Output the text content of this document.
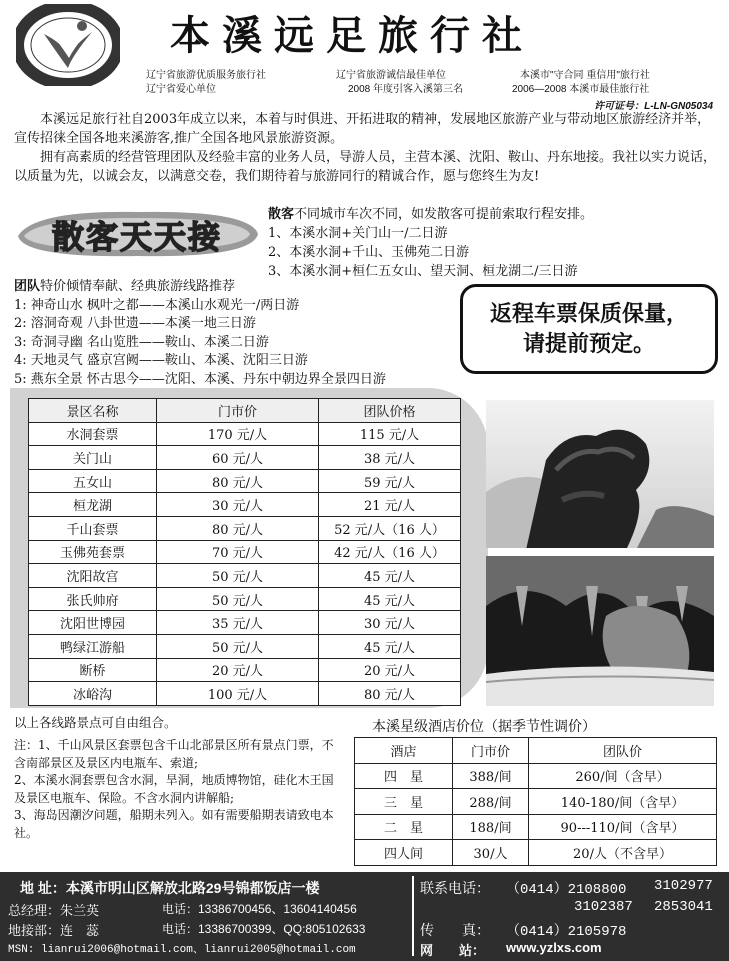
本溪远足旅行社
辽宁省旅游优质服务旅行社
辽宁省爱心单位
辽宁省旅游诚信最佳单位
2008 年度引客入溪第三名
本溪市"守合同 重信用"旅行社
2006—2008 本溪市最佳旅行社
许可证号：L-LN-GN05034

本溪远足旅行社自2003年成立以来，本着与时俱进、开拓进取的精神，发展地区旅游产业与带动地区旅游经济并举，宣传招徕全国各地来溪游客,推广全国各地风景旅游资源。

拥有高素质的经营管理团队及经验丰富的业务人员，导游人员，主营本溪、沈阳、鞍山、丹东地接。我社以实力说话，以质量为先，以诚会友，以满意交卷，我们期待着与旅游同行的精诚合作，愿与您终生为友!

散客天天接
散客不同城市车次不同，如发散客可提前索取行程安排。
1、本溪水洞+关门山一/二日游
2、本溪水洞+千山、玉佛苑二日游
3、本溪水洞+桓仁五女山、望天洞、桓龙湖二/三日游
团队特价倾情奉献、经典旅游线路推荐
1: 神奇山水 枫叶之都——本溪山水观光一/两日游
2: 溶洞奇观 八卦世遗——本溪一地三日游
3: 奇洞寻幽 名山览胜——鞍山、本溪二日游
4: 天地灵气 盛京宫阙——鞍山、本溪、沈阳三日游
5: 燕东全景 怀古思今——沈阳、本溪、丹东中朝边界全景四日游
返程车票保质保量，
请提前预定。
景区名称	门市价	团队价格
水洞套票	170 元/人	115 元/人
关门山	60 元/人	38 元/人
五女山	80 元/人	59 元/人
桓龙湖	30 元/人	21 元/人
千山套票	80 元/人	52 元/人（16 人）
玉佛苑套票	70 元/人	42 元/人（16 人）
沈阳故宫	50 元/人	45 元/人
张氏帅府	50 元/人	45 元/人
沈阳世博园	35 元/人	30 元/人
鸭绿江游船	50 元/人	45 元/人
断桥	20 元/人	20 元/人
冰峪沟	100 元/人	80 元/人
以上各线路景点可自由组合。
注：1、千山风景区套票包含千山北部景区所有景点门票，不含南部景区及景区内电瓶车、索道;
2、本溪水洞套票包含水洞，旱洞，地质博物馆，硅化木王国及景区电瓶车、保险。不含水洞内讲解船;
3、海岛因潮汐问题，船期未列入。如有需要船期表请致电本社。
本溪星级酒店价位（据季节性调价）
酒店	门市价	团队价
四　星	388/间	260/间（含早）
三　星	288/间	140-180/间（含早）
二　星	188/间	90---110/间（含早）
四人间	30/人	20/人（不含早）
地 址：本溪市明山区解放北路29号锦都饭店一楼
总经理：朱兰英	电话：13386700456、13604140456
地接部：连　蕊	电话：13386700399、QQ:805102633
MSN: lianrui2006@hotmail.com、lianrui2005@hotmail.com
联系电话： （0414）2108800 3102977
3102387 2853041
传　　真： （0414）2105978
网　　站： www.yzlxs.com
